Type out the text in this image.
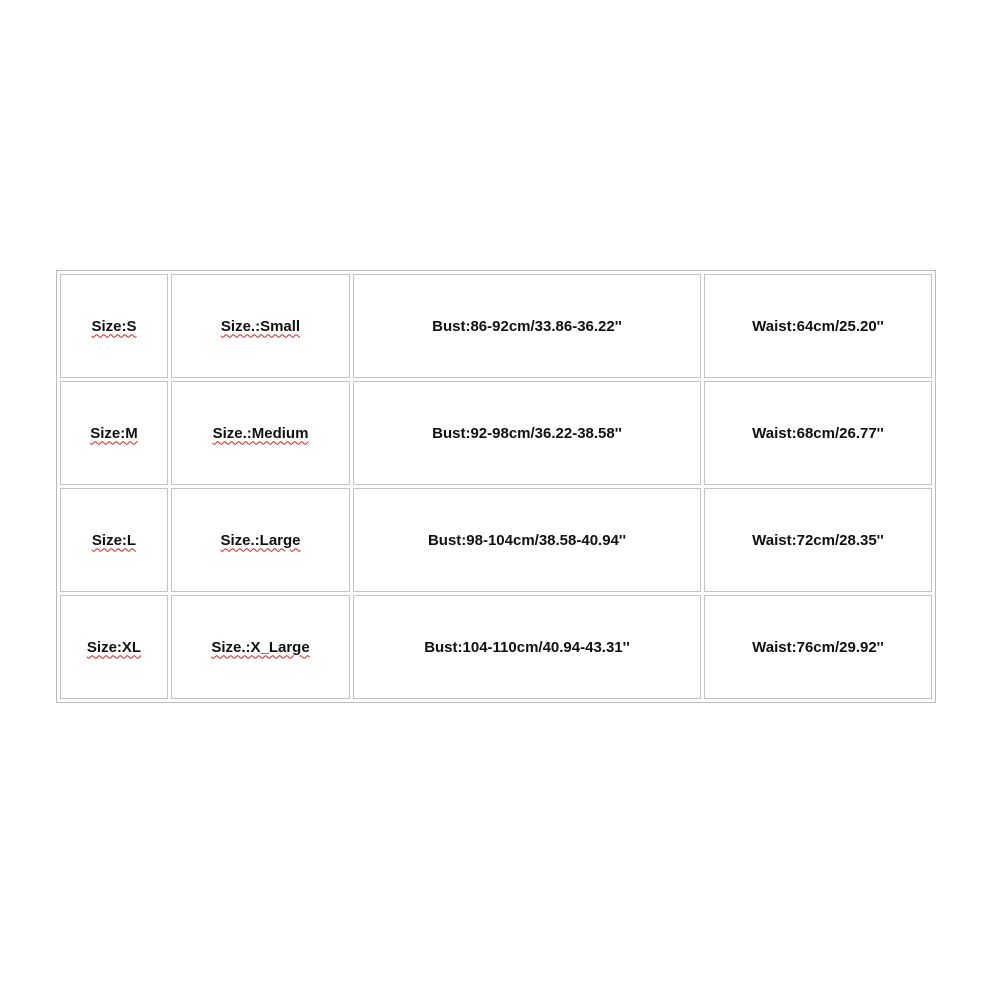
Size:S	Size.:Small	Bust:86-92cm/33.86-36.22''	Waist:64cm/25.20''
Size:M	Size.:Medium	Bust:92-98cm/36.22-38.58''	Waist:68cm/26.77''
Size:L	Size.:Large	Bust:98-104cm/38.58-40.94''	Waist:72cm/28.35''
Size:XL	Size.:X_Large	Bust:104-110cm/40.94-43.31''	Waist:76cm/29.92''
